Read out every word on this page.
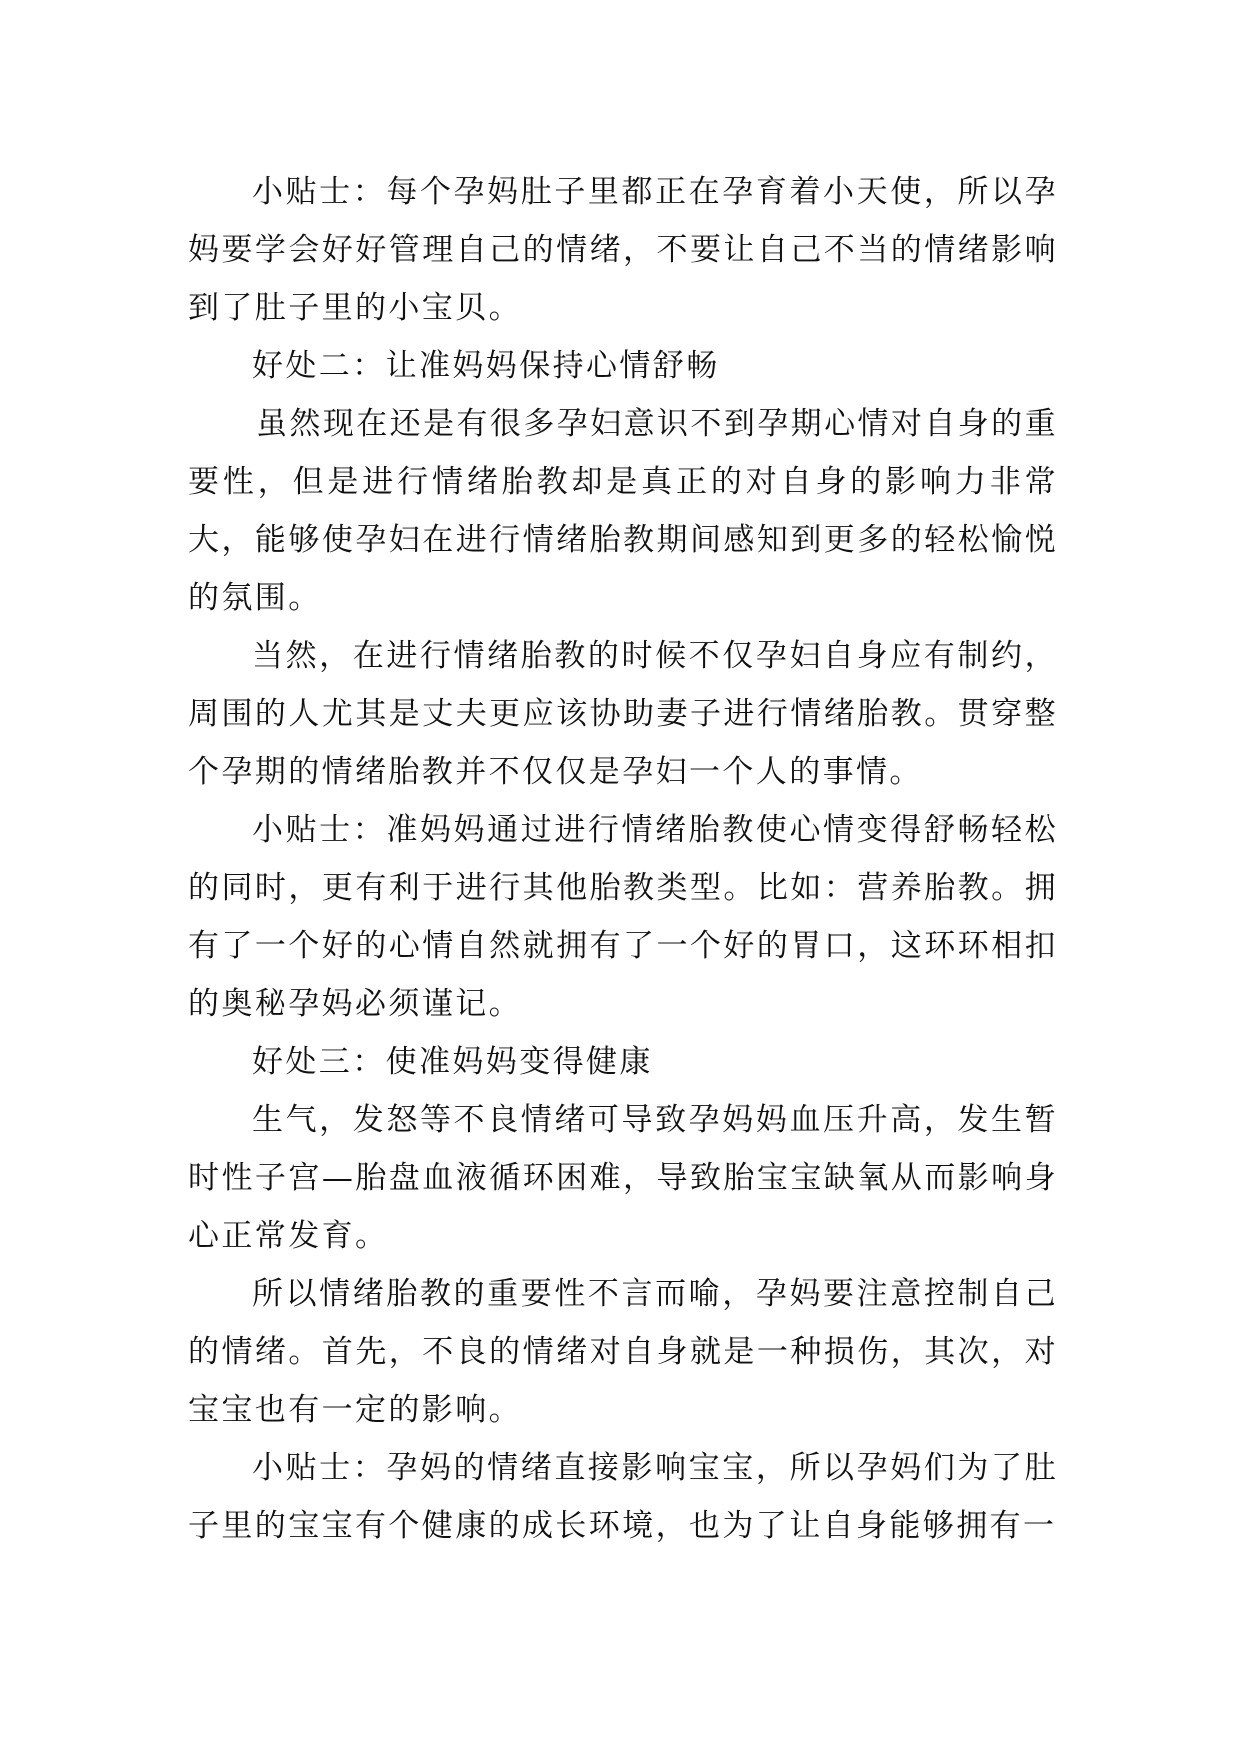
小贴士：每个孕妈肚子里都正在孕育着小天使，所以孕妈要学会好好管理自己的情绪，不要让自己不当的情绪影响到了肚子里的小宝贝。

好处二：让准妈妈保持心情舒畅

虽然现在还是有很多孕妇意识不到孕期心情对自身的重要性，但是进行情绪胎教却是真正的对自身的影响力非常大，能够使孕妇在进行情绪胎教期间感知到更多的轻松愉悦的氛围。

当然，在进行情绪胎教的时候不仅孕妇自身应有制约，周围的人尤其是丈夫更应该协助妻子进行情绪胎教。贯穿整个孕期的情绪胎教并不仅仅是孕妇一个人的事情。

小贴士：准妈妈通过进行情绪胎教使心情变得舒畅轻松的同时，更有利于进行其他胎教类型。比如：营养胎教。拥有了一个好的心情自然就拥有了一个好的胃口，这环环相扣的奥秘孕妈必须谨记。

好处三：使准妈妈变得健康

生气，发怒等不良情绪可导致孕妈妈血压升高，发生暂时性子宫—胎盘血液循环困难，导致胎宝宝缺氧从而影响身心正常发育。

所以情绪胎教的重要性不言而喻，孕妈要注意控制自己的情绪。首先，不良的情绪对自身就是一种损伤，其次，对宝宝也有一定的影响。

小贴士：孕妈的情绪直接影响宝宝，所以孕妈们为了肚子里的宝宝有个健康的成长环境，也为了让自身能够拥有一
